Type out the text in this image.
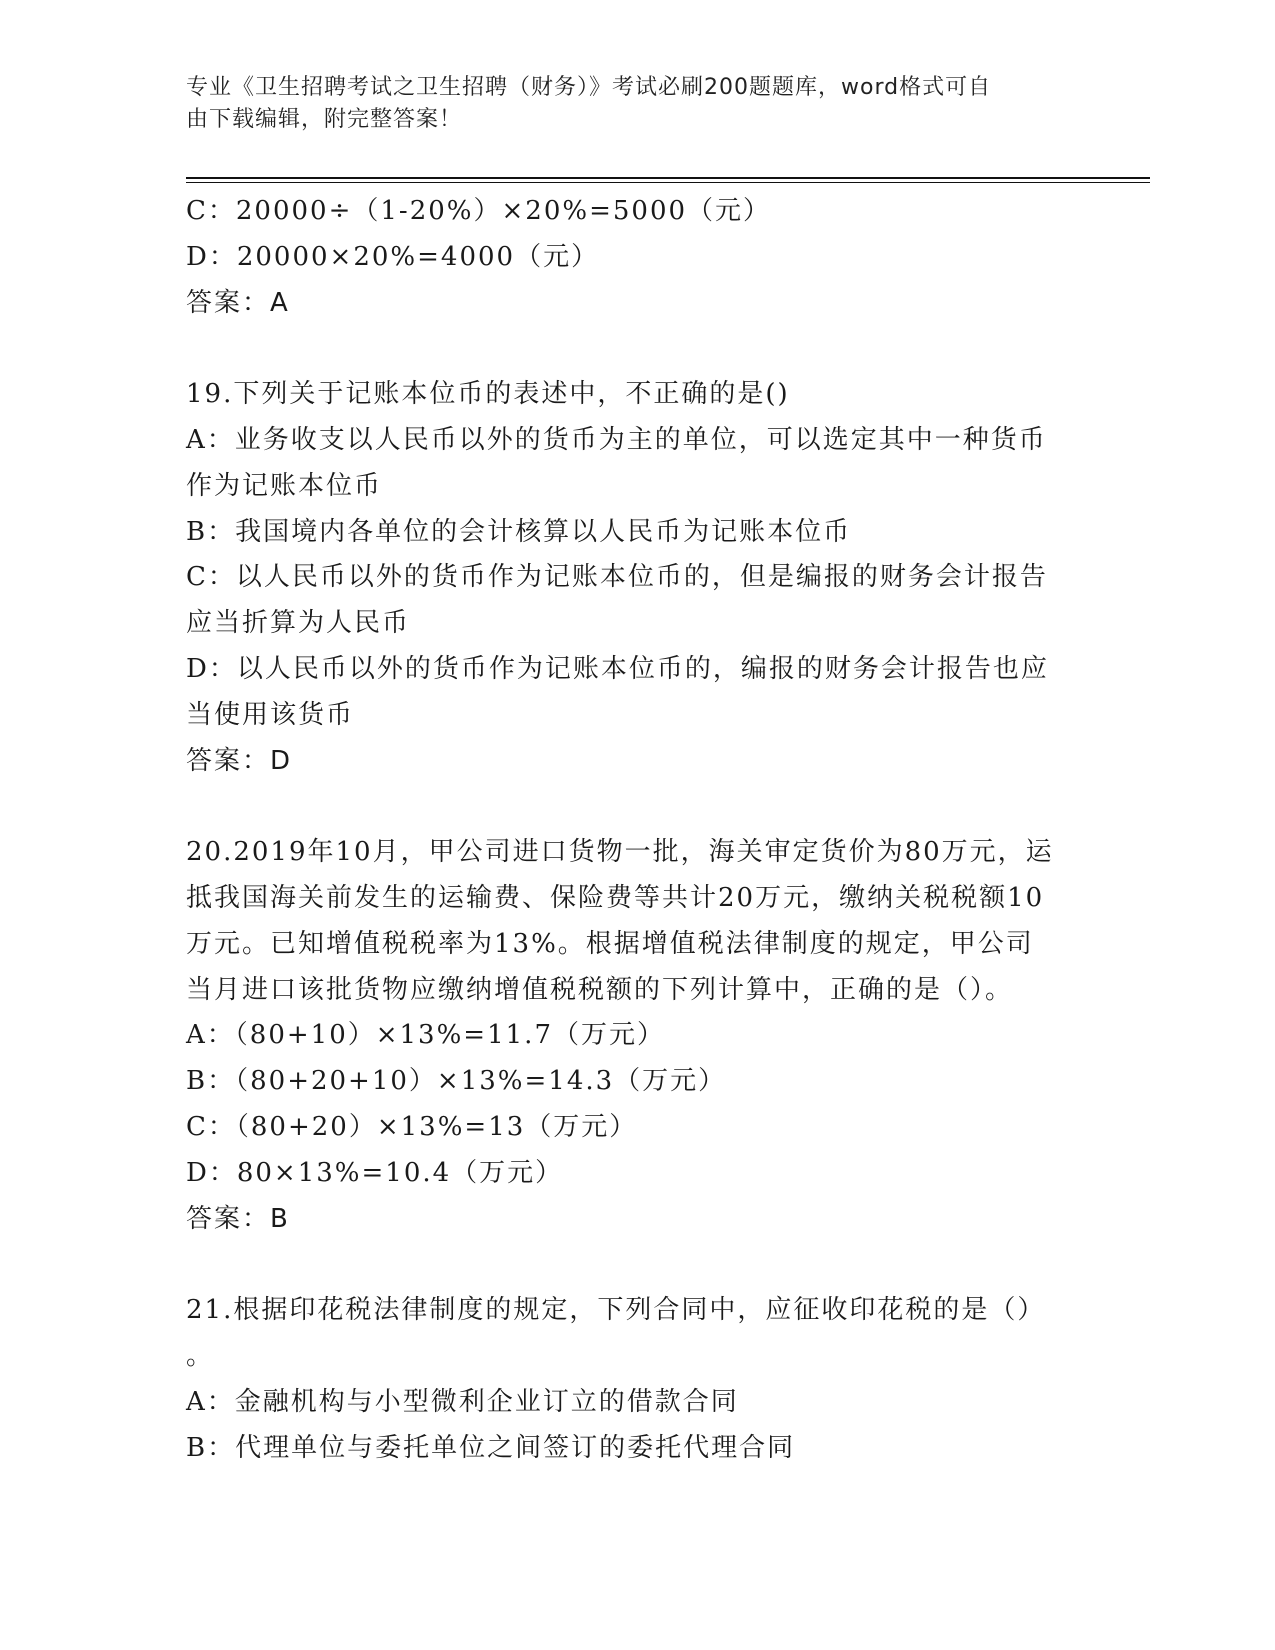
专业《卫生招聘考试之卫生招聘（财务）》考试必刷200题题库，word格式可自
由下载编辑，附完整答案！
C：20000÷（1-20%）×20%=5000（元）
D：20000×20%=4000（元）
答案：A
19.下列关于记账本位币的表述中，不正确的是()
A：业务收支以人民币以外的货币为主的单位，可以选定其中一种货币
作为记账本位币
B：我国境内各单位的会计核算以人民币为记账本位币
C：以人民币以外的货币作为记账本位币的，但是编报的财务会计报告
应当折算为人民币
D：以人民币以外的货币作为记账本位币的，编报的财务会计报告也应
当使用该货币
答案：D
20.2019年10月，甲公司进口货物一批，海关审定货价为80万元，运
抵我国海关前发生的运输费、保险费等共计20万元，缴纳关税税额10
万元。已知增值税税率为13%。根据增值税法律制度的规定，甲公司
当月进口该批货物应缴纳增值税税额的下列计算中，正确的是（）。
A：（80+10）×13%=11.7（万元）
B：（80+20+10）×13%=14.3（万元）
C：（80+20）×13%=13（万元）
D：80×13%=10.4（万元）
答案：B
21.根据印花税法律制度的规定，下列合同中，应征收印花税的是（）
。
A：金融机构与小型微利企业订立的借款合同
B：代理单位与委托单位之间签订的委托代理合同
